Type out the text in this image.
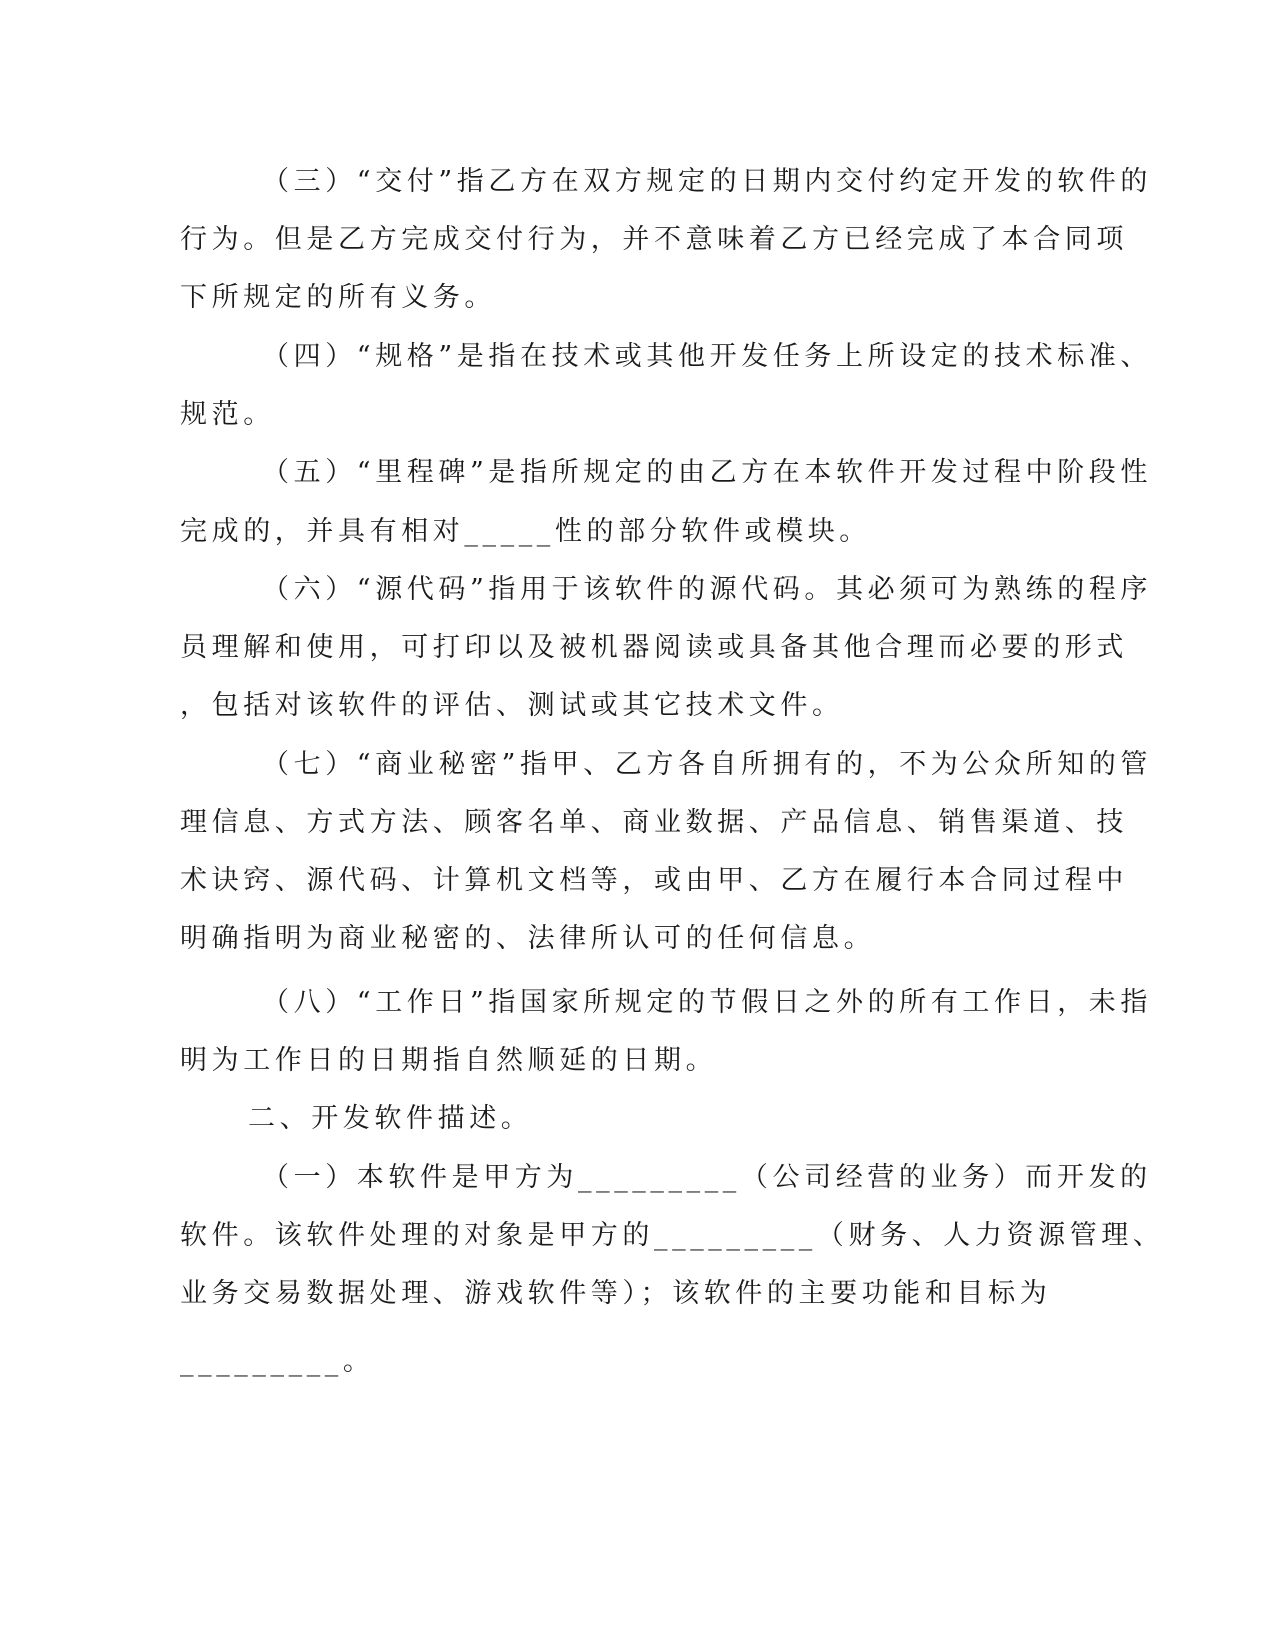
（三）“交付”指乙方在双方规定的日期内交付约定开发的软件的
行为。但是乙方完成交付行为，并不意味着乙方已经完成了本合同项
下所规定的所有义务。
（四）“规格”是指在技术或其他开发任务上所设定的技术标准、
规范。
（五）“里程碑”是指所规定的由乙方在本软件开发过程中阶段性
完成的，并具有相对_____性的部分软件或模块。
（六）“源代码”指用于该软件的源代码。其必须可为熟练的程序
员理解和使用，可打印以及被机器阅读或具备其他合理而必要的形式
，包括对该软件的评估、测试或其它技术文件。
（七）“商业秘密”指甲、乙方各自所拥有的，不为公众所知的管
理信息、方式方法、顾客名单、商业数据、产品信息、销售渠道、技
术诀窍、源代码、计算机文档等，或由甲、乙方在履行本合同过程中
明确指明为商业秘密的、法律所认可的任何信息。
（八）“工作日”指国家所规定的节假日之外的所有工作日，未指
明为工作日的日期指自然顺延的日期。
二、开发软件描述。
（一）本软件是甲方为_________（公司经营的业务）而开发的
软件。该软件处理的对象是甲方的_________（财务、人力资源管理、
业务交易数据处理、游戏软件等）；该软件的主要功能和目标为
_________。
